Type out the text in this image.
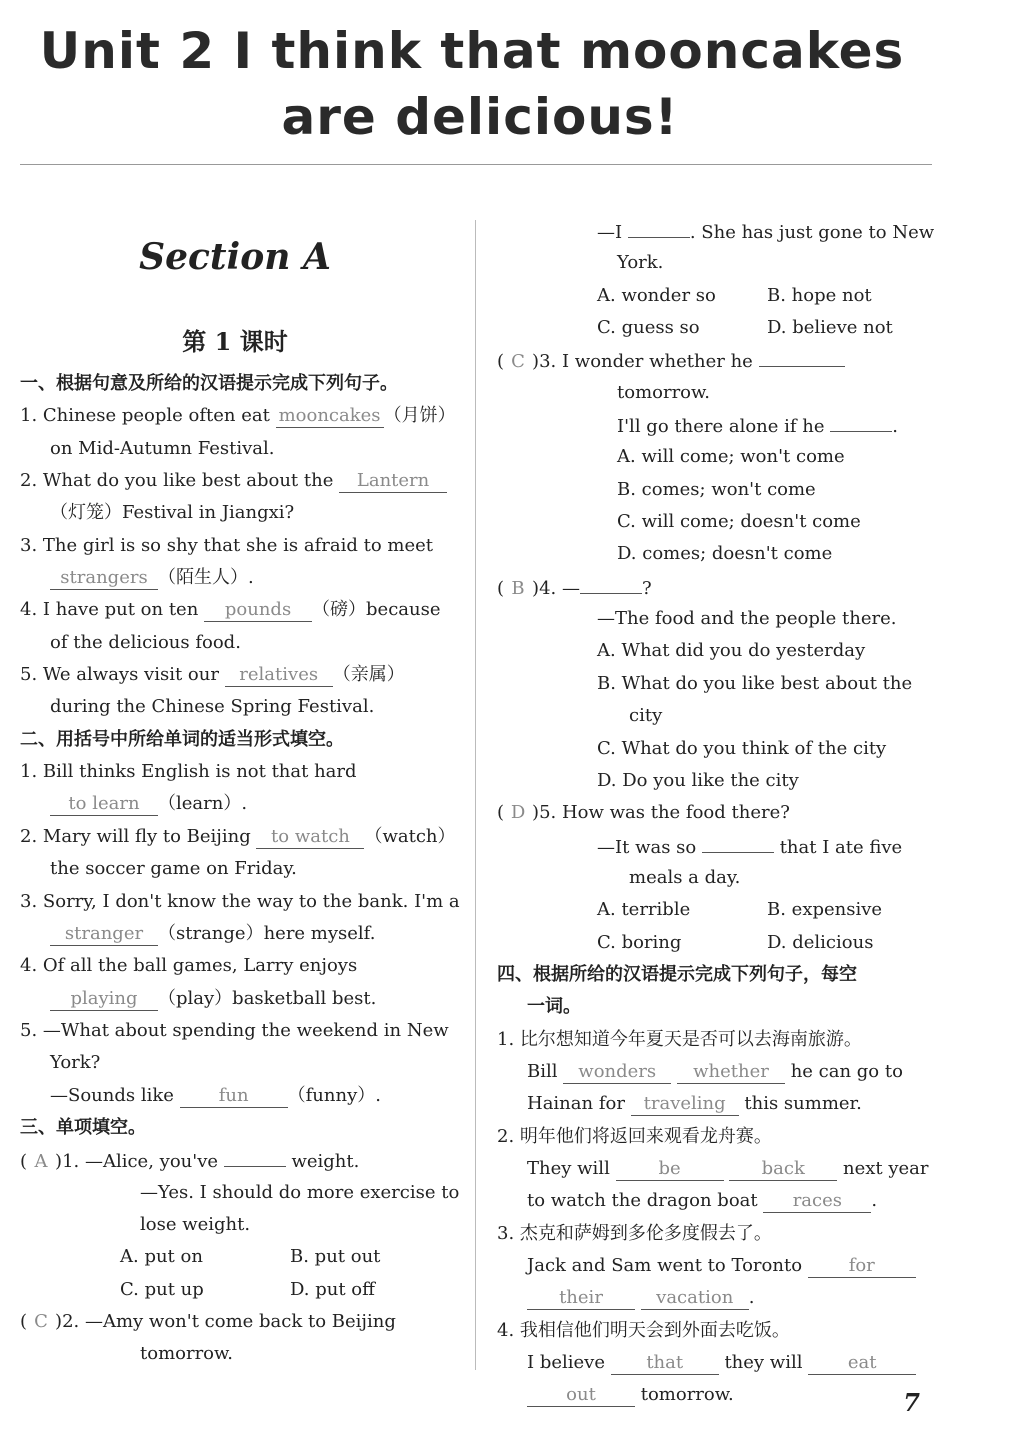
Unit 2 I think that mooncakes
are delicious!
Section A
第 1 课时
一、根据句意及所给的汉语提示完成下列句子。
1. Chinese people often eat mooncakes （月饼）
on Mid-Autumn Festival.
2. What do you like best about the Lantern
（灯笼）Festival in Jiangxi?
3. The girl is so shy that she is afraid to meet
strangers （陌生人）.
4. I have put on ten pounds （磅）because
of the delicious food.
5. We always visit our relatives （亲属）
during the Chinese Spring Festival.
二、用括号中所给单词的适当形式填空。
1. Bill thinks English is not that hard
to learn （learn）.
2. Mary will fly to Beijing to watch （watch）
the soccer game on Friday.
3. Sorry, I don't know the way to the bank. I'm a
stranger （strange）here myself.
4. Of all the ball games, Larry enjoys
playing （play）basketball best.
5. —What about spending the weekend in New
York?
—Sounds like fun （funny）.
三、单项填空。
( A )1. —Alice, you've	weight.
—Yes. I should do more exercise to
lose weight.
A. put on	B. put out
C. put up	D. put off
( C )2. —Amy won't come back to Beijing
tomorrow.
—I	. She has just gone to New
York.
A. wonder so	B. hope not
C. guess so	D. believe not
( C )3. I wonder whether he
tomorrow.
I'll go there alone if he	.
A. will come; won't come
B. comes; won't come
C. will come; doesn't come
D. comes; doesn't come
( B )4. —	?
—The food and the people there.
A. What did you do yesterday
B. What do you like best about the
city
C. What do you think of the city
D. Do you like the city
( D )5. How was the food there?
—It was so	that I ate five
meals a day.
A. terrible	B. expensive
C. boring	D. delicious
四、根据所给的汉语提示完成下列句子，每空
一词。
1. 比尔想知道今年夏天是否可以去海南旅游。
Bill wonders whether he can go to
Hainan for traveling this summer.
2. 明年他们将返回来观看龙舟赛。
They will be	back next year
to watch the dragon boat races .
3. 杰克和萨姆到多伦多度假去了。
Jack and Sam went to Toronto for
their	vacation .
4. 我相信他们明天会到外面去吃饭。
I believe that they will eat
out tomorrow.	7
